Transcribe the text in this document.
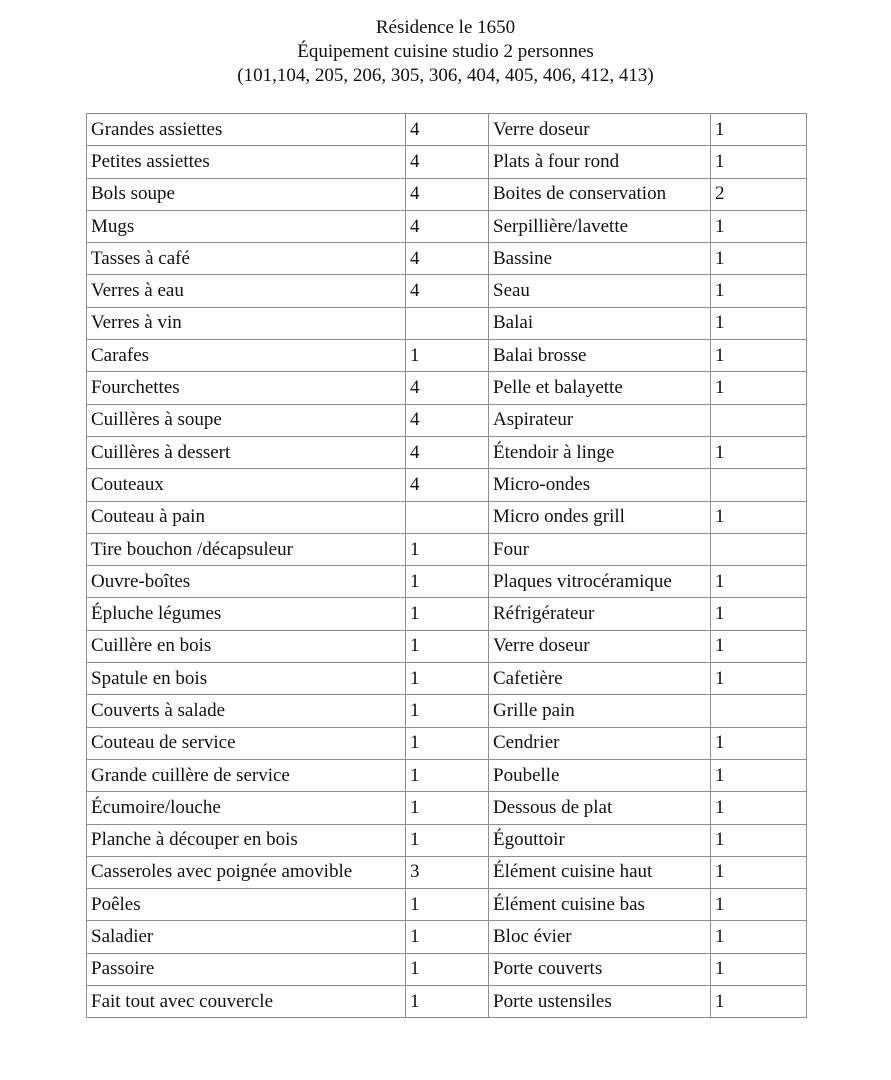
Résidence le 1650
Équipement cuisine studio 2 personnes
(101,104, 205, 206, 305, 306, 404, 405, 406, 412, 413)
Grandes assiettes	4	Verre doseur	1
Petites assiettes	4	Plats à four rond	1
Bols soupe	4	Boites de conservation	2
Mugs	4	Serpillière/lavette	1
Tasses à café	4	Bassine	1
Verres à eau	4	Seau	1
Verres à vin		Balai	1
Carafes	1	Balai brosse	1
Fourchettes	4	Pelle et balayette	1
Cuillères à soupe	4	Aspirateur	
Cuillères à dessert	4	Étendoir à linge	1
Couteaux	4	Micro-ondes	
Couteau à pain		Micro ondes grill	1
Tire bouchon /décapsuleur	1	Four	
Ouvre-boîtes	1	Plaques vitrocéramique	1
Épluche légumes	1	Réfrigérateur	1
Cuillère en bois	1	Verre doseur	1
Spatule en bois	1	Cafetière	1
Couverts à salade	1	Grille pain	
Couteau de service	1	Cendrier	1
Grande cuillère de service	1	Poubelle	1
Écumoire/louche	1	Dessous de plat	1
Planche à découper en bois	1	Égouttoir	1
Casseroles avec poignée amovible	3	Élément cuisine haut	1
Poêles	1	Élément cuisine bas	1
Saladier	1	Bloc évier	1
Passoire	1	Porte couverts	1
Fait tout avec couvercle	1	Porte ustensiles	1
